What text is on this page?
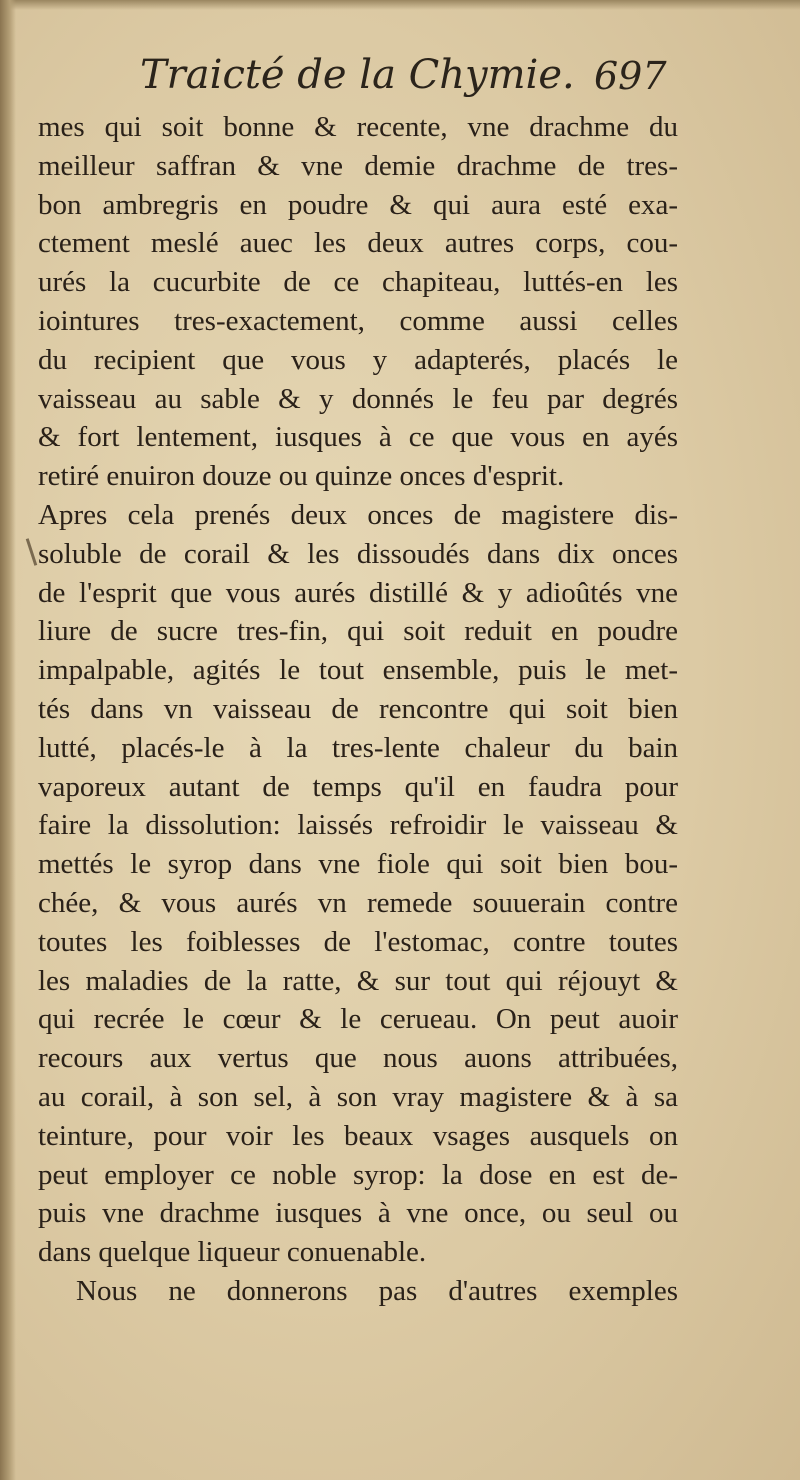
Traicté de la Chymie. 697
mes qui soit bonne & recente, vne drachme du
meilleur saffran & vne demie drachme de tres-
bon ambregris en poudre & qui aura esté exa-
ctement meslé auec les deux autres corps, cou-
urés la cucurbite de ce chapiteau, luttés-en les
iointures tres-exactement, comme aussi celles
du recipient que vous y adapterés, placés le
vaisseau au sable & y donnés le feu par degrés
& fort lentement, iusques à ce que vous en ayés
retiré enuiron douze ou quinze onces d'esprit.
Apres cela prenés deux onces de magistere dis-
soluble de corail & les dissoudés dans dix onces
de l'esprit que vous aurés distillé & y adioûtés vne
liure de sucre tres-fin, qui soit reduit en poudre
impalpable, agités le tout ensemble, puis le met-
tés dans vn vaisseau de rencontre qui soit bien
lutté, placés-le à la tres-lente chaleur du bain
vaporeux autant de temps qu'il en faudra pour
faire la dissolution: laissés refroidir le vaisseau &
mettés le syrop dans vne fiole qui soit bien bou-
chée, & vous aurés vn remede souuerain contre
toutes les foiblesses de l'estomac, contre toutes
les maladies de la ratte, & sur tout qui réjouyt &
qui recrée le cœur & le cerueau. On peut auoir
recours aux vertus que nous auons attribuées,
au corail, à son sel, à son vray magistere & à sa
teinture, pour voir les beaux vsages ausquels on
peut employer ce noble syrop: la dose en est de-
puis vne drachme iusques à vne once, ou seul ou
dans quelque liqueur conuenable.
Nous ne donnerons pas d'autres exemples
